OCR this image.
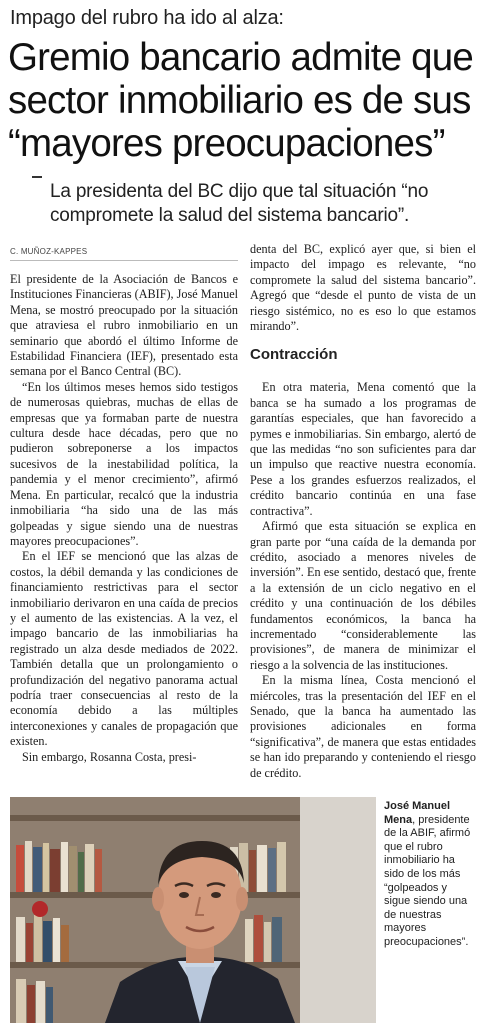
Impago del rubro ha ido al alza:
Gremio bancario admite que sector inmobiliario es de sus “mayores preocupaciones”
La presidenta del BC dijo que tal situación “no compromete la salud del sistema bancario”.
C. MUÑOZ-KAPPES

El presidente de la Asociación de Bancos e Instituciones Financieras (ABIF), José Manuel Mena, se mostró preocupado por la situación que atraviesa el rubro inmobiliario en un seminario que abordó el último Informe de Estabilidad Financiera (IEF), presentado esta semana por el Banco Central (BC).

“En los últimos meses hemos sido testigos de numerosas quiebras, muchas de ellas de empresas que ya formaban parte de nuestra cultura desde hace décadas, pero que no pudieron sobreponerse a los impactos sucesivos de la inestabilidad política, la pandemia y el menor crecimiento”, afirmó Mena. En particular, recalcó que la industria inmobiliaria “ha sido una de las más golpeadas y sigue siendo una de nuestras mayores preocupaciones”.

En el IEF se mencionó que las alzas de costos, la débil demanda y las condiciones de financiamiento restrictivas para el sector inmobiliario derivaron en una caída de precios y el aumento de las existencias. A la vez, el impago bancario de las inmobiliarias ha registrado un alza desde mediados de 2022. También detalla que un prolongamiento o profundización del negativo panorama actual podría traer consecuencias al resto de la economía debido a las múltiples interconexiones y canales de propagación que existen.

Sin embargo, Rosanna Costa, presi-

denta del BC, explicó ayer que, si bien el impacto del impago es relevante, “no compromete la salud del sistema bancario”. Agregó que “desde el punto de vista de un riesgo sistémico, no es eso lo que estamos mirando”.

Contracción

En otra materia, Mena comentó que la banca se ha sumado a los programas de garantías especiales, que han favorecido a pymes e inmobiliarias. Sin embargo, alertó de que las medidas “no son suficientes para dar un impulso que reactive nuestra economía. Pese a los grandes esfuerzos realizados, el crédito bancario continúa en una fase contractiva”.

Afirmó que esta situación se explica en gran parte por “una caída de la demanda por crédito, asociado a menores niveles de inversión”. En ese sentido, destacó que, frente a la extensión de un ciclo negativo en el crédito y una continuación de los débiles fundamentos económicos, la banca ha incrementado “considerablemente las provisiones”, de manera de minimizar el riesgo a la solvencia de las instituciones.

En la misma línea, Costa mencionó el miércoles, tras la presentación del IEF en el Senado, que la banca ha aumentado las provisiones adicionales en forma “significativa”, de manera que estas entidades se han ido preparando y conteniendo el riesgo de crédito.

José Manuel Mena, presidente de la ABIF, afirmó que el rubro inmobiliario ha sido de los más “golpeados y sigue siendo una de nuestras mayores preocupaciones”.
